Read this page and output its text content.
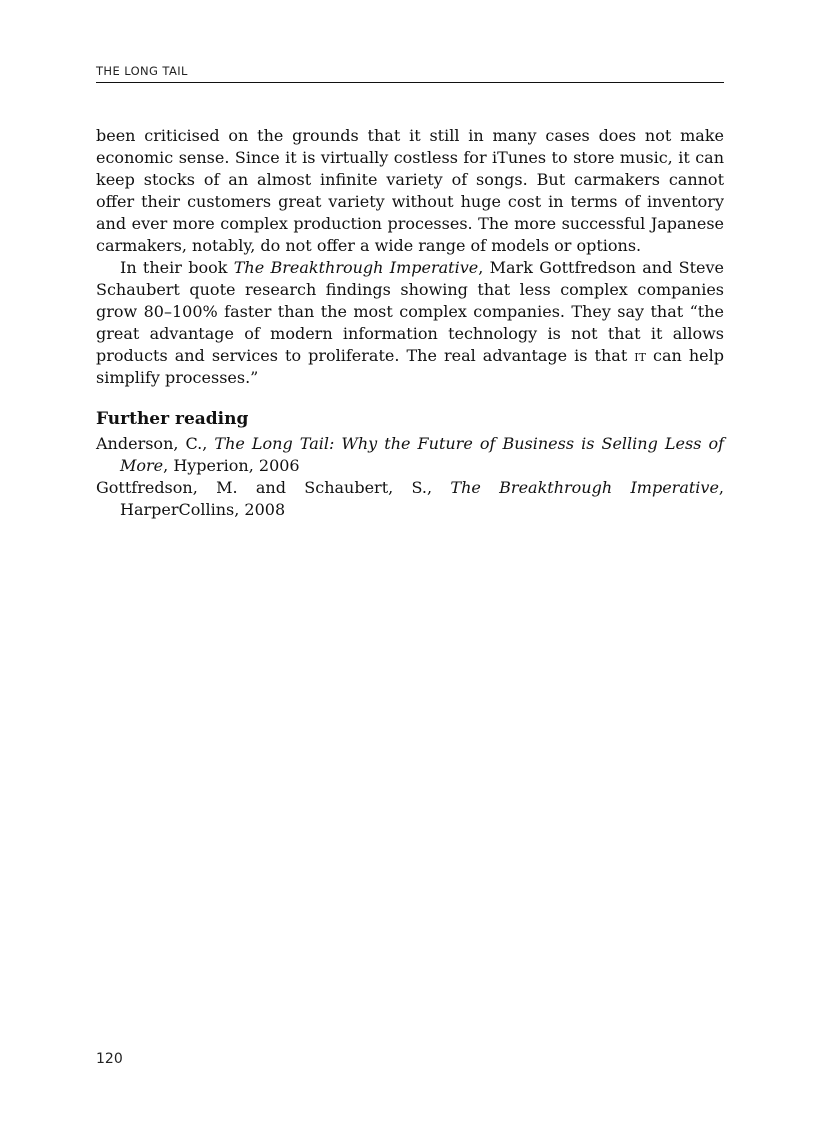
THE LONG TAIL

been criticised on the grounds that it still in many cases does not make economic sense. Since it is virtually costless for iTunes to store music, it can keep stocks of an almost infinite variety of songs. But carmakers cannot offer their customers great variety without huge cost in terms of inventory and ever more complex production processes. The more successful Japanese carmakers, notably, do not offer a wide range of models or options.

In their book The Breakthrough Imperative, Mark Gottfredson and Steve Schaubert quote research findings showing that less complex companies grow 80–100% faster than the most complex companies. They say that “the great advantage of modern information technology is not that it allows products and services to proliferate. The real advantage is that it can help simplify processes.”

Further reading

Anderson, C., The Long Tail: Why the Future of Business is Selling Less of More, Hyperion, 2006

Gottfredson, M. and Schaubert, S., The Breakthrough Imperative, HarperCollins, 2008

120
